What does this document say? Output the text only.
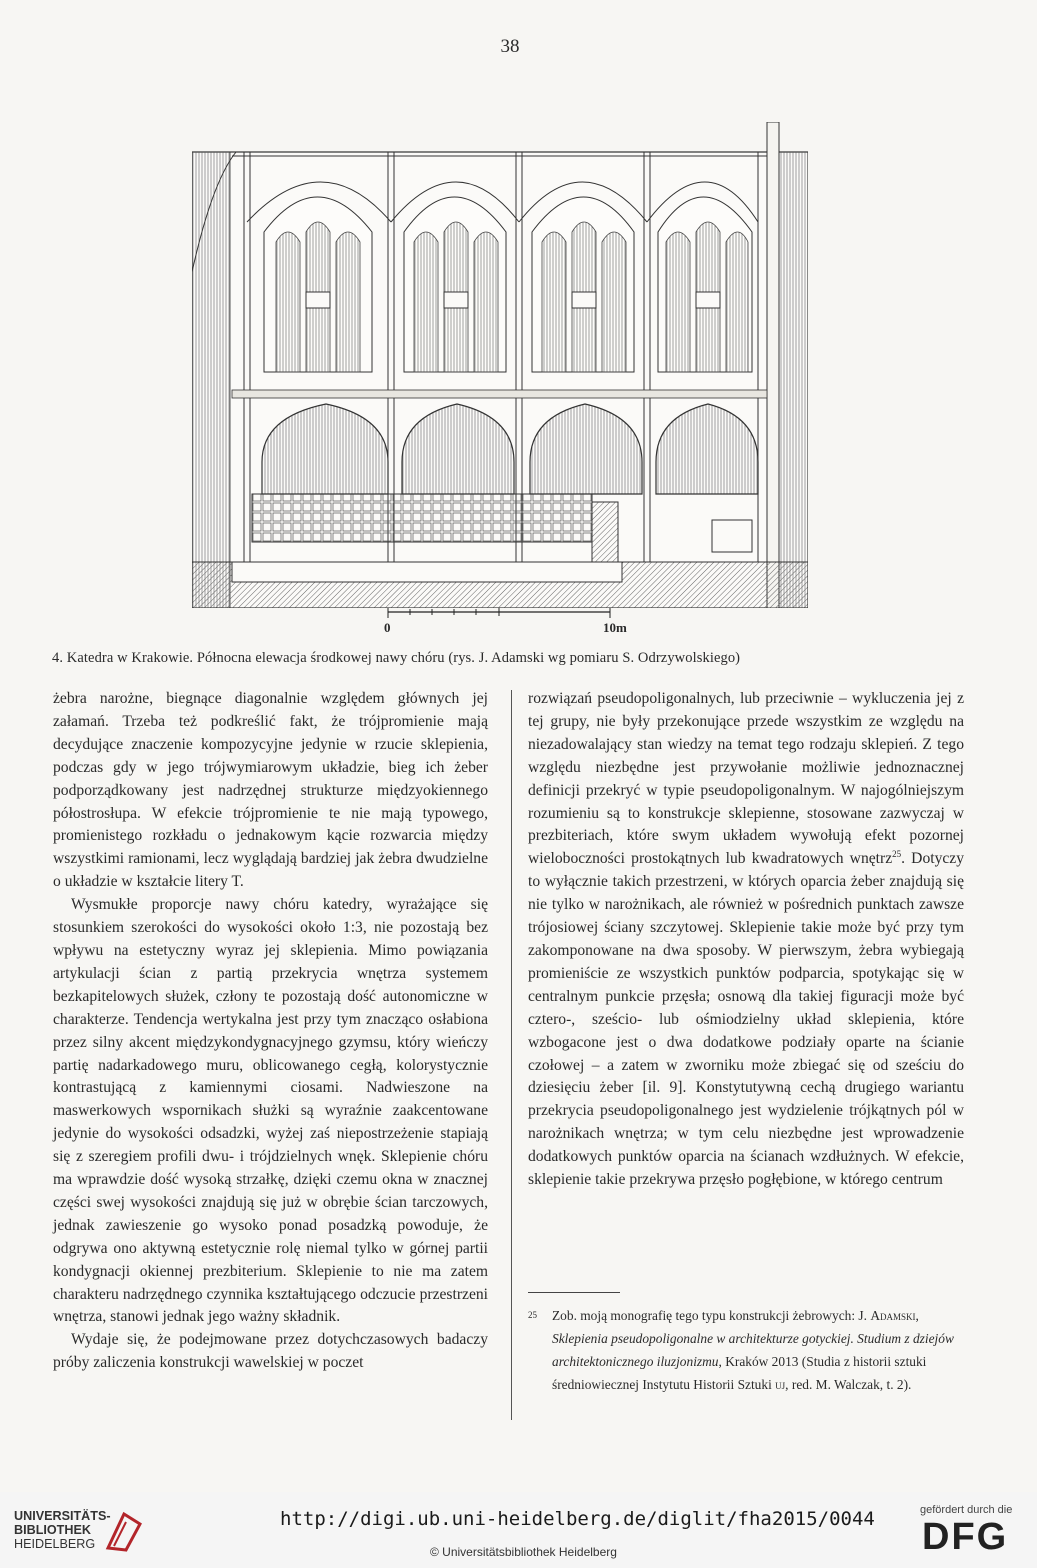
38
0	10m
4. Katedra w Krakowie. Północna elewacja środkowej nawy chóru (rys. J. Adamski wg pomiaru S. Odrzywolskiego)

żebra narożne, biegnące diagonalnie względem głównych jej załamań. Trzeba też podkreślić fakt, że trójpromienie mają decydujące znaczenie kompozycyjne jedynie w rzucie sklepienia, podczas gdy w jego trójwymiarowym układzie, bieg ich żeber podporządkowany jest nadrzędnej strukturze międzyokiennego półostrosłupa. W efekcie trójpromienie te nie mają typowego, promienistego rozkładu o jednakowym kącie rozwarcia między wszystkimi ramionami, lecz wyglądają bardziej jak żebra dwudzielne o układzie w kształcie litery T.

Wysmukłe proporcje nawy chóru katedry, wyrażające się stosunkiem szerokości do wysokości około 1:3, nie pozostają bez wpływu na estetyczny wyraz jej sklepienia. Mimo powiązania artykulacji ścian z partią przekrycia wnętrza systemem bezkapitelowych służek, człony te pozostają dość autonomiczne w charakterze. Tendencja wertykalna jest przy tym znacząco osłabiona przez silny akcent międzykondygnacyjnego gzymsu, który wieńczy partię nadarkadowego muru, oblicowanego cegłą, kolorystycznie kontrastującą z kamiennymi ciosami. Nadwieszone na maswerkowych wspornikach służki są wyraźnie zaakcentowane jedynie do wysokości odsadzki, wyżej zaś niepostrzeżenie stapiają się z szeregiem profili dwu- i trójdzielnych wnęk. Sklepienie chóru ma wprawdzie dość wysoką strzałkę, dzięki czemu okna w znacznej części swej wysokości znajdują się już w obrębie ścian tarczowych, jednak zawieszenie go wysoko ponad posadzką powoduje, że odgrywa ono aktywną estetycznie rolę niemal tylko w górnej partii kondygnacji okiennej prezbiterium. Sklepienie to nie ma zatem charakteru nadrzędnego czynnika kształtującego odczucie przestrzeni wnętrza, stanowi jednak jego ważny składnik.

Wydaje się, że podejmowane przez dotychczasowych badaczy próby zaliczenia konstrukcji wawelskiej w poczet

rozwiązań pseudopoligonalnych, lub przeciwnie – wykluczenia jej z tej grupy, nie były przekonujące przede wszystkim ze względu na niezadowalający stan wiedzy na temat tego rodzaju sklepień. Z tego względu niezbędne jest przywołanie możliwie jednoznacznej definicji przekryć w typie pseudopoligonalnym. W najogólniejszym rozumieniu są to konstrukcje sklepienne, stosowane zazwyczaj w prezbiteriach, które swym układem wywołują efekt pozornej wieloboczności prostokątnych lub kwadratowych wnętrz$^{25}$. Dotyczy to wyłącznie takich przestrzeni, w których oparcia żeber znajdują się nie tylko w narożnikach, ale również w pośrednich punktach zawsze trójosiowej ściany szczytowej. Sklepienie takie może być przy tym zakomponowane na dwa sposoby. W pierwszym, żebra wybiegają promieniście ze wszystkich punktów podparcia, spotykając się w centralnym punkcie przęsła; osnową dla takiej figuracji może być cztero-, sześcio- lub ośmiodzielny układ sklepienia, które wzbogacone jest o dwa dodatkowe podziały oparte na ścianie czołowej – a zatem w zworniku może zbiegać się od sześciu do dziesięciu żeber [il. 9]. Konstytutywną cechą drugiego wariantu przekrycia pseudopoligonalnego jest wydzielenie trójkątnych pól w narożnikach wnętrza; w tym celu niezbędne jest wprowadzenie dodatkowych punktów oparcia na ścianach wzdłużnych. W efekcie, sklepienie takie przekrywa przęsło pogłębione, w którego centrum

25 Zob. moją monografię tego typu konstrukcji żebrowych: J. Adamski, Sklepienia pseudopoligonalne w architekturze gotyckiej. Studium z dziejów architektonicznego iluzjonizmu, Kraków 2013 (Studia z historii sztuki średniowiecznej Instytutu Historii Sztuki uj, red. M. Walczak, t. 2).
UNIVERSITÄTS-
BIBLIOTHEK
HEIDELBERG
http://digi.ub.uni-heidelberg.de/diglit/fha2015/0044
© Universitätsbibliothek Heidelberg
gefördert durch die
DFG
